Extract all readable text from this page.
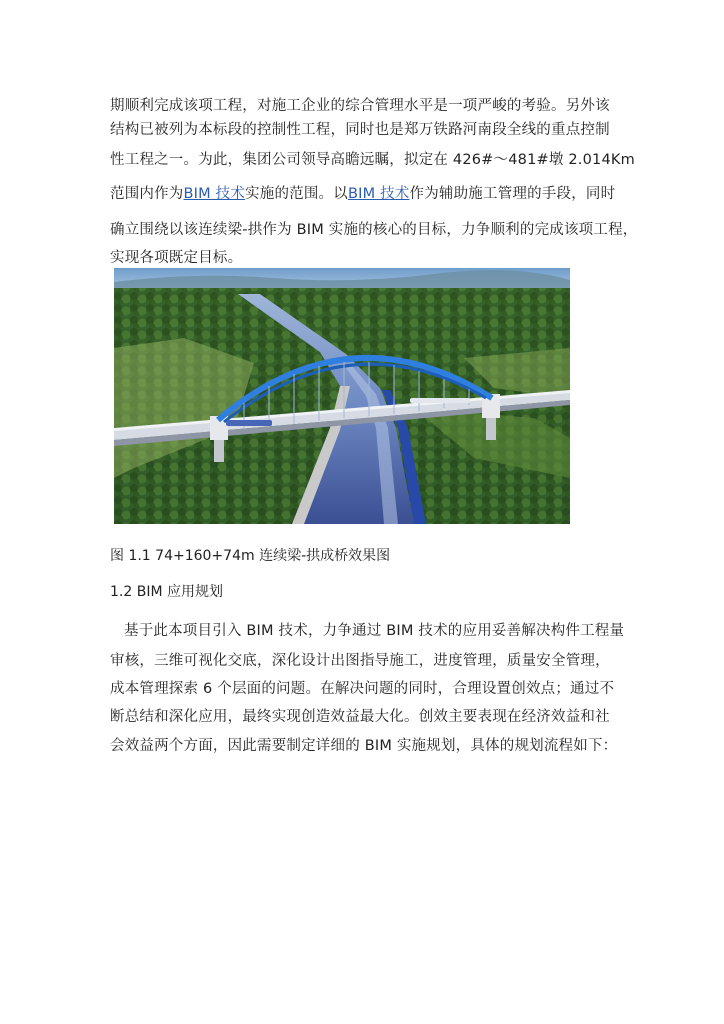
期顺利完成该项工程，对施工企业的综合管理水平是一项严峻的考验。另外该
结构已被列为本标段的控制性工程，同时也是郑万铁路河南段全线的重点控制
性工程之一。为此，集团公司领导高瞻远瞩，拟定在 426#～481#墩 2.014Km
范围内作为BIM 技术实施的范围。以BIM 技术作为辅助施工管理的手段，同时
确立围绕以该连续梁-拱作为 BIM 实施的核心的目标，力争顺利的完成该项工程，
实现各项既定目标。
图 1.1 74+160+74m 连续梁-拱成桥效果图
1.2 BIM 应用规划
基于此本项目引入 BIM 技术，力争通过 BIM 技术的应用妥善解决构件工程量
审核，三维可视化交底，深化设计出图指导施工，进度管理，质量安全管理，
成本管理探索 6 个层面的问题。在解决问题的同时，合理设置创效点；通过不
断总结和深化应用，最终实现创造效益最大化。创效主要表现在经济效益和社
会效益两个方面，因此需要制定详细的 BIM 实施规划，具体的规划流程如下：
